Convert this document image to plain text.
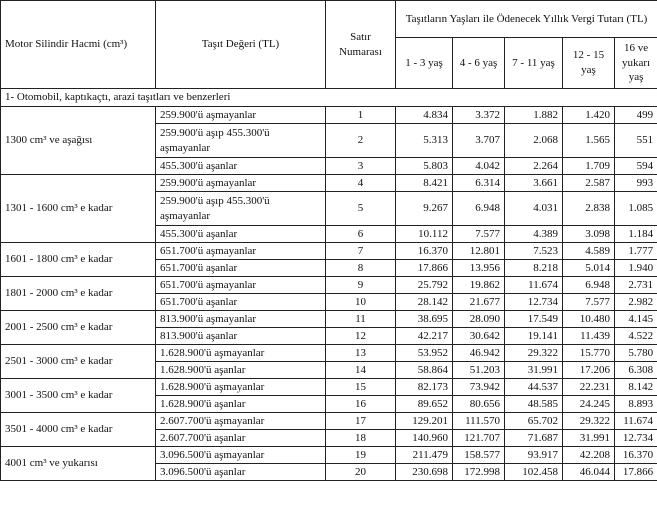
Motor Silindir Hacmi (cm³)	Taşıt Değeri (TL)	Satır Numarası	Taşıtların Yaşları ile Ödenecek Yıllık Vergi Tutarı (TL)				
			1 - 3 yaş	4 - 6 yaş	7 - 11 yaş	12 - 15 yaş	16 ve yukarı yaş
1- Otomobil, kaptıkaçtı, arazi taşıtları ve benzerleri							
1300 cm³ ve aşağısı	259.900'ü aşmayanlar	1	4.834	3.372	1.882	1.420	499
	259.900'ü aşıp 455.300'ü aşmayanlar	2	5.313	3.707	2.068	1.565	551
	455.300'ü aşanlar	3	5.803	4.042	2.264	1.709	594
1301 - 1600 cm³ e kadar	259.900'ü aşmayanlar	4	8.421	6.314	3.661	2.587	993
	259.900'ü aşıp 455.300'ü aşmayanlar	5	9.267	6.948	4.031	2.838	1.085
	455.300'ü aşanlar	6	10.112	7.577	4.389	3.098	1.184
1601 - 1800 cm³ e kadar	651.700'ü aşmayanlar	7	16.370	12.801	7.523	4.589	1.777
	651.700'ü aşanlar	8	17.866	13.956	8.218	5.014	1.940
1801 - 2000 cm³ e kadar	651.700'ü aşmayanlar	9	25.792	19.862	11.674	6.948	2.731
	651.700'ü aşanlar	10	28.142	21.677	12.734	7.577	2.982
2001 - 2500 cm³ e kadar	813.900'ü aşmayanlar	11	38.695	28.090	17.549	10.480	4.145
	813.900'ü aşanlar	12	42.217	30.642	19.141	11.439	4.522
2501 - 3000 cm³ e kadar	1.628.900'ü aşmayanlar	13	53.952	46.942	29.322	15.770	5.780
	1.628.900'ü aşanlar	14	58.864	51.203	31.991	17.206	6.308
3001 - 3500 cm³ e kadar	1.628.900'ü aşmayanlar	15	82.173	73.942	44.537	22.231	8.142
	1.628.900'ü aşanlar	16	89.652	80.656	48.585	24.245	8.893
3501 - 4000 cm³ e kadar	2.607.700'ü aşmayanlar	17	129.201	111.570	65.702	29.322	11.674
	2.607.700'ü aşanlar	18	140.960	121.707	71.687	31.991	12.734
4001 cm³ ve yukarısı	3.096.500'ü aşmayanlar	19	211.479	158.577	93.917	42.208	16.370
	3.096.500'ü aşanlar	20	230.698	172.998	102.458	46.044	17.866
